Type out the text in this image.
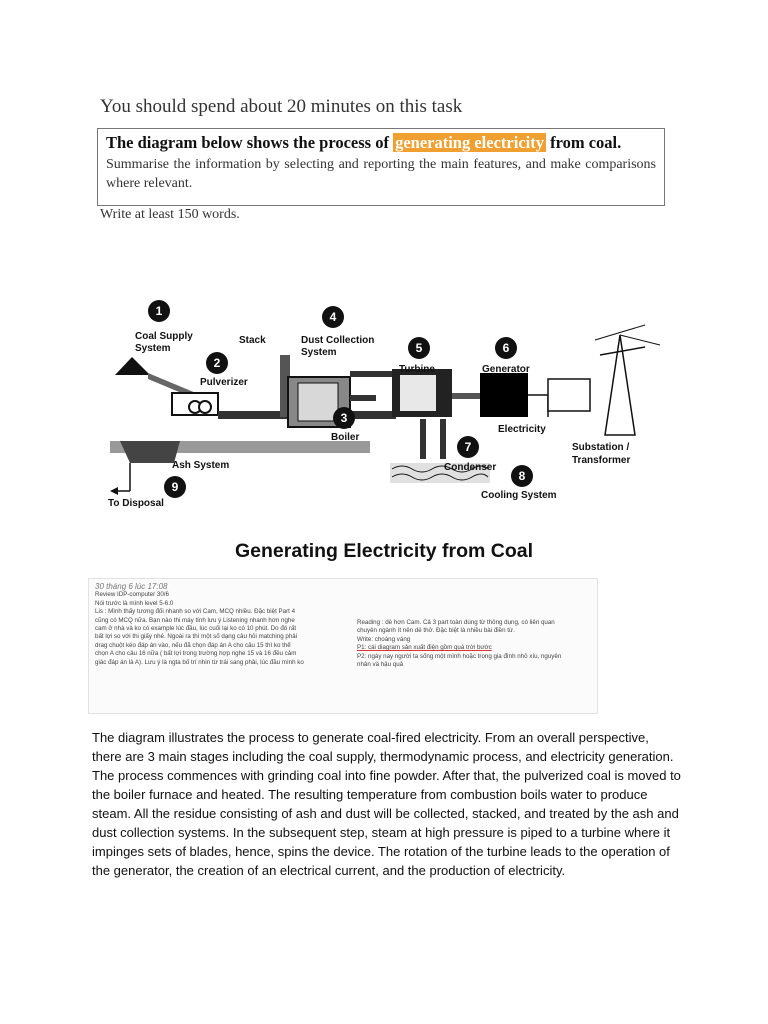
You should spend about 20 minutes on this task
The diagram below shows the process of generating electricity from coal.
Summarise the information by selecting and reporting the main features, and make comparisons where relevant.
Write at least 150 words.
1
2
3
4
5	6
7
8
9
Coal Supply
System
Pulverizer
Stack	Dust Collection
System
Boiler
Turbine	Generator
Electricity
Substation /
Transformer
Condenser
Cooling System
Ash System
To Disposal
Generating Electricity from Coal
30 tháng 6 lúc 17:08
Review IDP-computer 30/6
Nói trước là mình level 5-6.0
Lis : Mình thấy tương đối nhanh so với Cam, MCQ nhiều. Đặc biệt Part 4
cũng có MCQ nữa. Bạn nào thi máy tính lưu ý Listening nhanh hơn nghe
cam ở nhà và ko có example lúc đầu, lúc cuối lại ko có 10 phút. Do đó rất
bất lợi so với thi giấy nhé. Ngoài ra thì một số dạng câu hỏi matching phải
drag chuột kéo đáp án vào, nếu đã chọn đáp án A cho câu 15 thì ko thể
chọn A cho câu 16 nữa ( bất lợi trong trường hợp nghe 15 và 16 đều cảm
giác đáp án là A). Lưu ý là ngta bố trí nhìn từ trái sang phải, lúc đầu mình ko
Reading : dễ hơn Cam. Cả 3 part toàn dùng từ thông dụng, có liên quan
chuyên ngành ít nên dễ thở. Đặc biệt là nhiều bài điền từ.
Write: choáng váng
P1: cái diagram sản xuất điện gồm quá trời bước
P2: ngày nay người ta sống một mình hoặc trong gia đình nhỏ xíu, nguyên
nhân và hậu quả

The diagram illustrates the process to generate coal-fired electricity. From an overall perspective, there are 3 main stages including the coal supply, thermodynamic process, and electricity generation.

The process commences with grinding coal into fine powder. After that, the pulverized coal is moved to the boiler furnace and heated. The resulting temperature from combustion boils water to produce steam. All the residue consisting of ash and dust will be collected, stacked, and treated by the ash and dust collection systems. In the subsequent step, steam at high pressure is piped to a turbine where it impinges sets of blades, hence, spins the device. The rotation of the turbine leads to the operation of the generator, the creation of an electrical current, and the production of electricity.
